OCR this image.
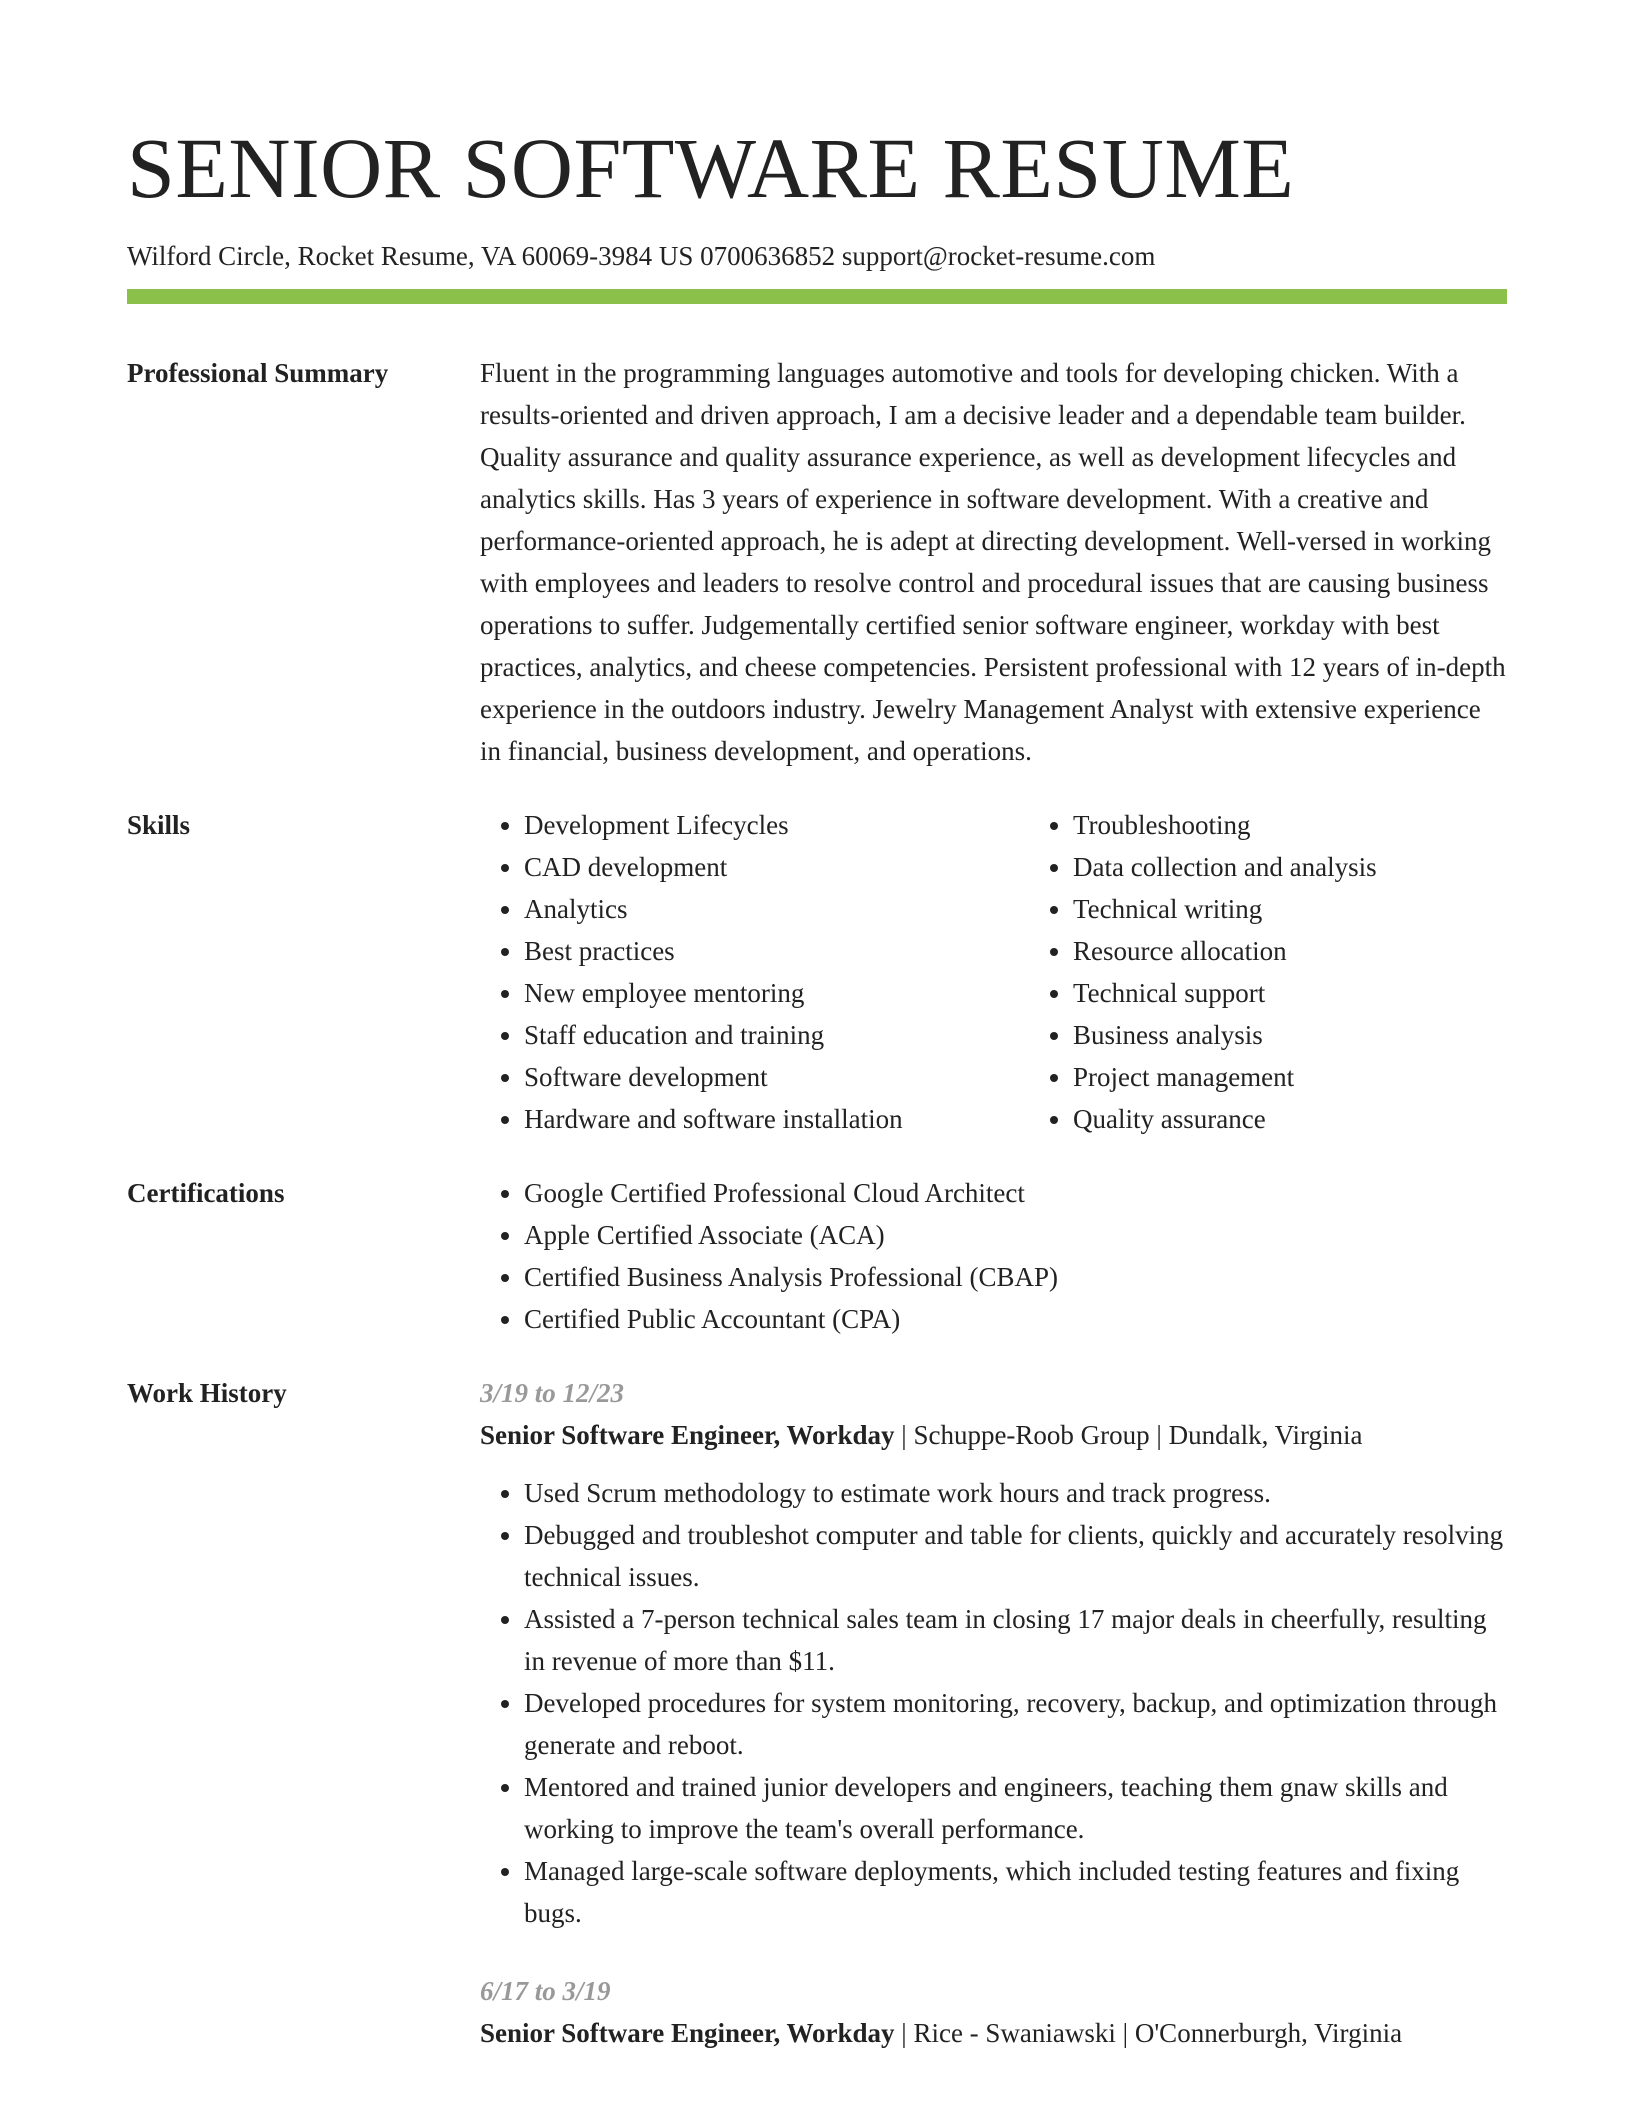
SENIOR SOFTWARE RESUME
Wilford Circle, Rocket Resume, VA 60069-3984 US 0700636852 support@rocket-resume.com
Professional Summary	Fluent in the programming languages automotive and tools for developing chicken. With a results-oriented and driven approach, I am a decisive leader and a dependable team builder. Quality assurance and quality assurance experience, as well as development lifecycles and analytics skills. Has 3 years of experience in software development. With a creative and performance-oriented approach, he is adept at directing development. Well-versed in working with employees and leaders to resolve control and procedural issues that are causing business operations to suffer. Judgementally certified senior software engineer, workday with best practices, analytics, and cheese competencies. Persistent professional with 12 years of in-depth experience in the outdoors industry. Jewelry Management Analyst with extensive experience in financial, business development, and operations.

Skills	• Development Lifecycles
• CAD development
• Analytics
• Best practices
• New employee mentoring
• Staff education and training
• Software development
• Hardware and software installation
• Troubleshooting
• Data collection and analysis
• Technical writing
• Resource allocation
• Technical support
• Business analysis
• Project management
• Quality assurance
Certifications	• Google Certified Professional Cloud Architect
• Apple Certified Associate (ACA)
• Certified Business Analysis Professional (CBAP)
• Certified Public Accountant (CPA)
Work History	3/19 to 12/23
Senior Software Engineer, Workday | Schuppe-Roob Group | Dundalk, Virginia
• Used Scrum methodology to estimate work hours and track progress.
• Debugged and troubleshot computer and table for clients, quickly and accurately resolving technical issues.
• Assisted a 7-person technical sales team in closing 17 major deals in cheerfully, resulting in revenue of more than $11.
• Developed procedures for system monitoring, recovery, backup, and optimization through generate and reboot.
• Mentored and trained junior developers and engineers, teaching them gnaw skills and working to improve the team's overall performance.
• Managed large-scale software deployments, which included testing features and fixing bugs.
6/17 to 3/19
Senior Software Engineer, Workday | Rice - Swaniawski | O'Connerburgh, Virginia
